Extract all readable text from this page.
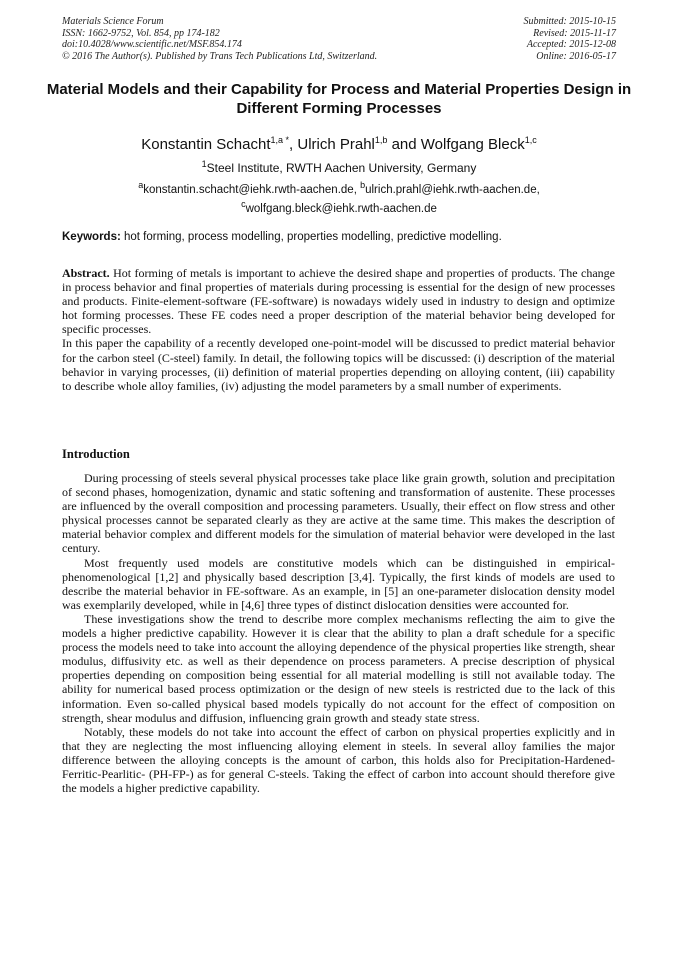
Materials Science Forum
ISSN: 1662-9752, Vol. 854, pp 174-182
doi:10.4028/www.scientific.net/MSF.854.174
© 2016 The Author(s). Published by Trans Tech Publications Ltd, Switzerland.
Submitted: 2015-10-15
Revised: 2015-11-17
Accepted: 2015-12-08
Online: 2016-05-17
Material Models and their Capability for Process and Material Properties Design in Different Forming Processes
Konstantin Schacht$^{1,a *}$, Ulrich Prahl$^{1,b}$ and Wolfgang Bleck$^{1,c}$
$^1$Steel Institute, RWTH Aachen University, Germany
$^a$konstantin.schacht@iehk.rwth-aachen.de, $^b$ulrich.prahl@iehk.rwth-aachen.de,
$^c$wolfgang.bleck@iehk.rwth-aachen.de
Keywords: hot forming, process modelling, properties modelling, predictive modelling.

Abstract. Hot forming of metals is important to achieve the desired shape and properties of products. The change in process behavior and final properties of materials during processing is essential for the design of new processes and products. Finite-element-software (FE-software) is nowadays widely used in industry to design and optimize hot forming processes. These FE codes need a proper description of the material behavior being developed for specific processes.

In this paper the capability of a recently developed one-point-model will be discussed to predict material behavior for the carbon steel (C-steel) family. In detail, the following topics will be discussed: (i) description of the material behavior in varying processes, (ii) definition of material properties depending on alloying content, (iii) capability to describe whole alloy families, (iv) adjusting the model parameters by a small number of experiments.

Introduction

During processing of steels several physical processes take place like grain growth, solution and precipitation of second phases, homogenization, dynamic and static softening and transformation of austenite. These processes are influenced by the overall composition and processing parameters. Usually, their effect on flow stress and other physical processes cannot be separated clearly as they are active at the same time. This makes the description of material behavior complex and different models for the simulation of material behavior were developed in the last century.

Most frequently used models are constitutive models which can be distinguished in empirical-phenomenological [1,2] and physically based description [3,4]. Typically, the first kinds of models are used to describe the material behavior in FE-software. As an example, in [5] an one-parameter dislocation density model was exemplarily developed, while in [4,6] three types of distinct dislocation densities were accounted for.

These investigations show the trend to describe more complex mechanisms reflecting the aim to give the models a higher predictive capability. However it is clear that the ability to plan a draft schedule for a specific process the models need to take into account the alloying dependence of the physical properties like strength, shear modulus, diffusivity etc. as well as their dependence on process parameters. A precise description of physical properties depending on composition being essential for all material modelling is still not available today. The ability for numerical based process optimization or the design of new steels is restricted due to the lack of this information. Even so-called physical based models typically do not account for the effect of composition on strength, shear modulus and diffusion, influencing grain growth and steady state stress.

Notably, these models do not take into account the effect of carbon on physical properties explicitly and in that they are neglecting the most influencing alloying element in steels. In several alloy families the major difference between the alloying concepts is the amount of carbon, this holds also for Precipitation-Hardened-Ferritic-Pearlitic- (PH-FP-) as for general C-steels. Taking the effect of carbon into account should therefore give the models a higher predictive capability.
